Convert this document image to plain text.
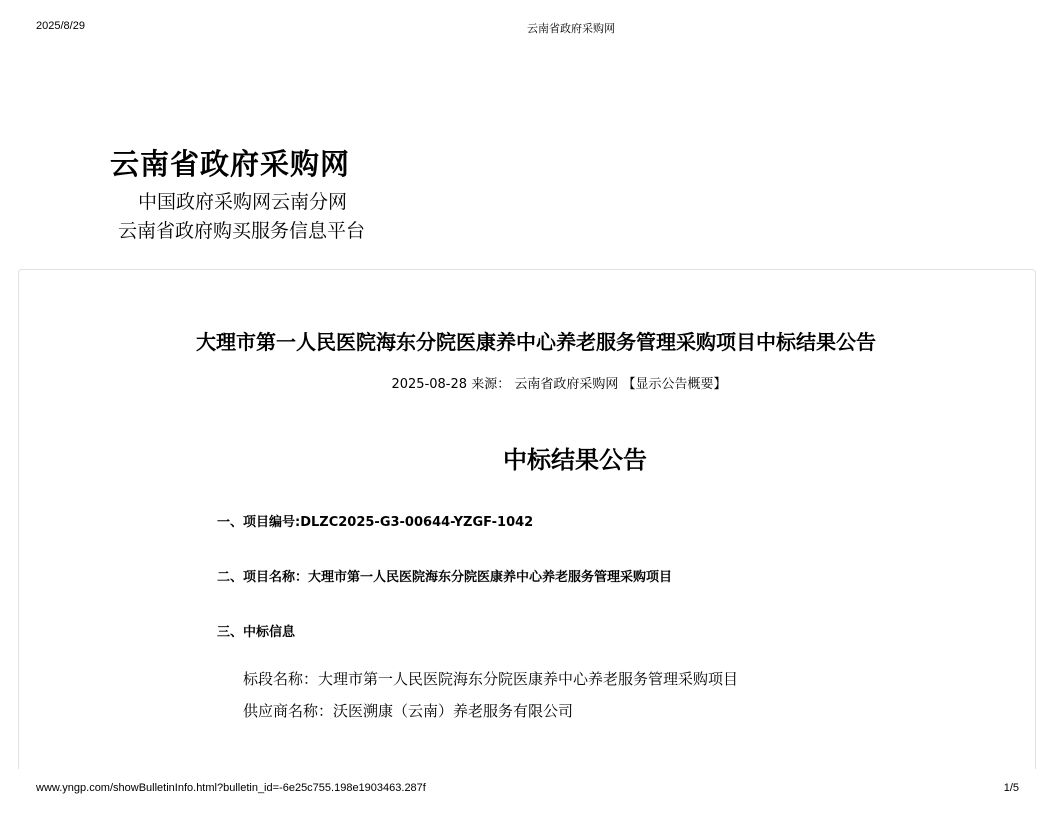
2025/8/29	云南省政府采购网
云南省政府采购网
中国政府采购网云南分网
云南省政府购买服务信息平台
大理市第一人民医院海东分院医康养中心养老服务管理采购项目中标结果公告
2025-08-28 来源： 云南省政府采购网 【显示公告概要】
中标结果公告
一、项目编号:DLZC2025-G3-00644-YZGF-1042
二、项目名称：大理市第一人民医院海东分院医康养中心养老服务管理采购项目
三、中标信息
标段名称：大理市第一人民医院海东分院医康养中心养老服务管理采购项目
供应商名称：沃医溯康（云南）养老服务有限公司
www.yngp.com/showBulletinInfo.html?bulletin_id=-6e25c755.198e1903463.287f	1/5
